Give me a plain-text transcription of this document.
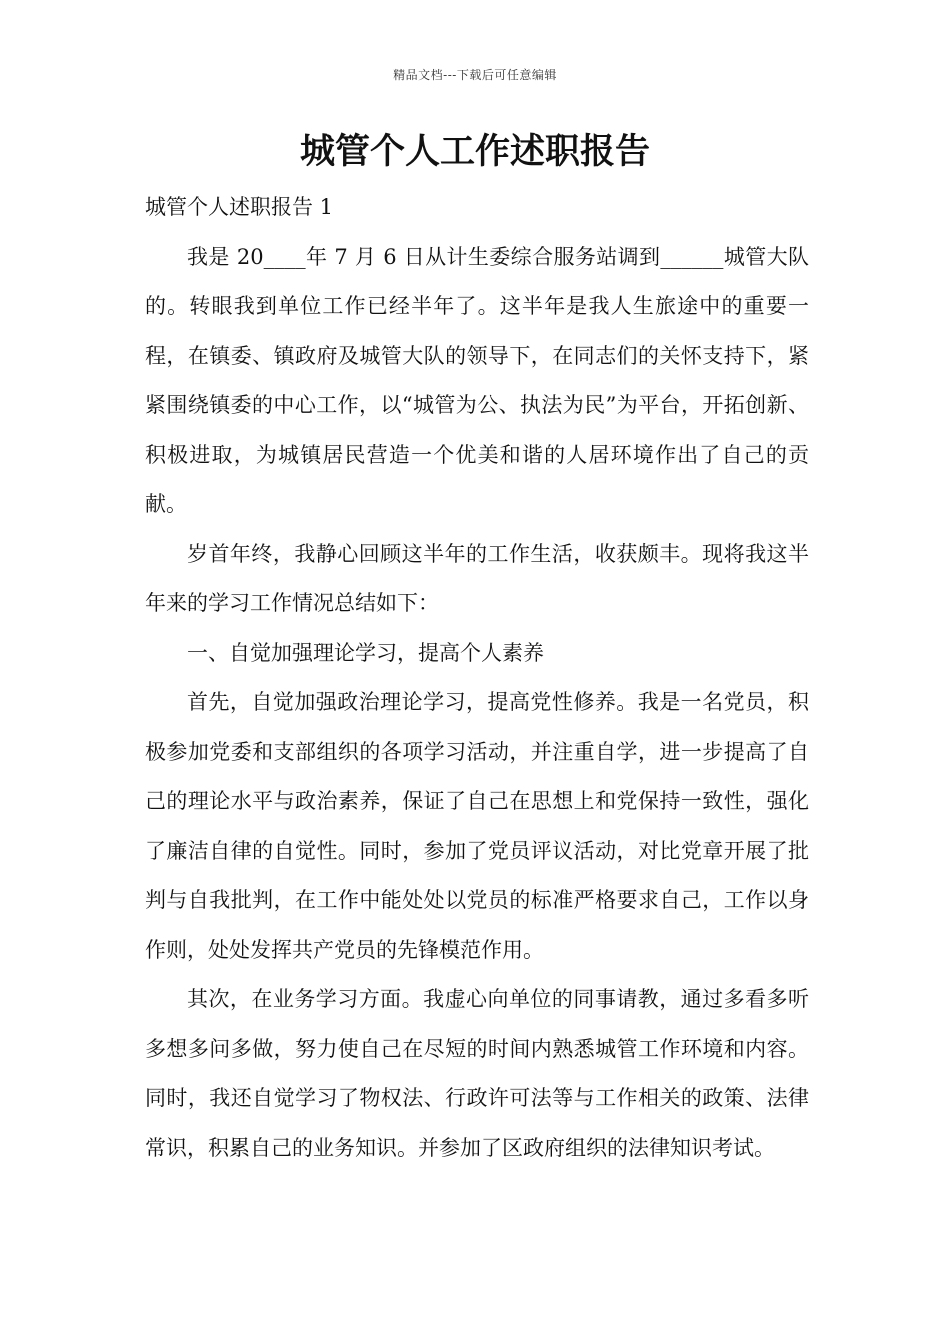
精品文档---下载后可任意编辑
城管个人工作述职报告

城管个人述职报告 1

我是 20____年 7 月 6 日从计生委综合服务站调到______城管大队的。转眼我到单位工作已经半年了。这半年是我人生旅途中的重要一程，在镇委、镇政府及城管大队的领导下，在同志们的关怀支持下，紧紧围绕镇委的中心工作，以“城管为公、执法为民”为平台，开拓创新、积极进取，为城镇居民营造一个优美和谐的人居环境作出了自己的贡献。

岁首年终，我静心回顾这半年的工作生活，收获颇丰。现将我这半年来的学习工作情况总结如下：

一、自觉加强理论学习，提高个人素养

首先，自觉加强政治理论学习，提高党性修养。我是一名党员，积极参加党委和支部组织的各项学习活动，并注重自学，进一步提高了自己的理论水平与政治素养，保证了自己在思想上和党保持一致性，强化了廉洁自律的自觉性。同时，参加了党员评议活动，对比党章开展了批判与自我批判，在工作中能处处以党员的标准严格要求自己，工作以身作则，处处发挥共产党员的先锋模范作用。

其次，在业务学习方面。我虚心向单位的同事请教，通过多看多听多想多问多做，努力使自己在尽短的时间内熟悉城管工作环境和内容。同时，我还自觉学习了物权法、行政许可法等与工作相关的政策、法律常识，积累自己的业务知识。并参加了区政府组织的法律知识考试。
